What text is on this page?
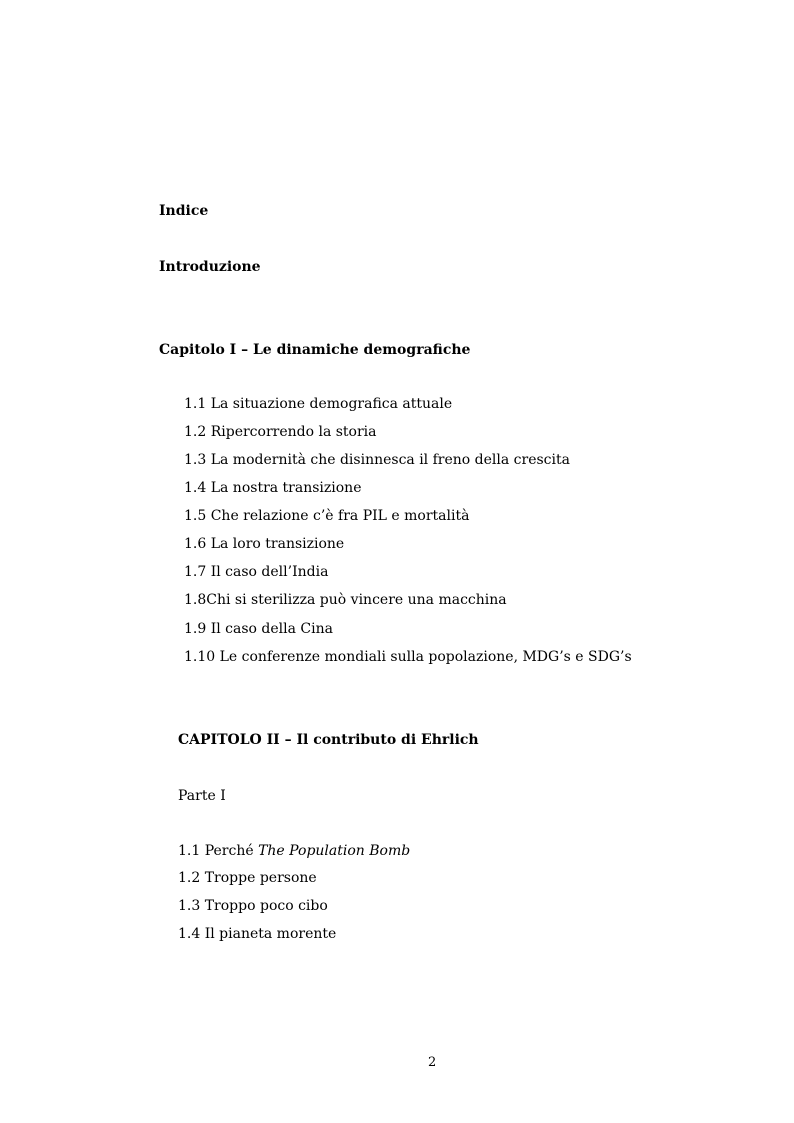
Indice
Introduzione
Capitolo I – Le dinamiche demografiche
1.1 La situazione demografica attuale
1.2 Ripercorrendo la storia
1.3 La modernità che disinnesca il freno della crescita
1.4 La nostra transizione
1.5 Che relazione c’è fra PIL e mortalità
1.6 La loro transizione
1.7 Il caso dell’India
1.8Chi si sterilizza può vincere una macchina
1.9 Il caso della Cina
1.10 Le conferenze mondiali sulla popolazione, MDG’s e SDG’s
CAPITOLO II – Il contributo di Ehrlich
Parte I
1.1 Perché The Population Bomb
1.2 Troppe persone
1.3 Troppo poco cibo
1.4 Il pianeta morente
2
